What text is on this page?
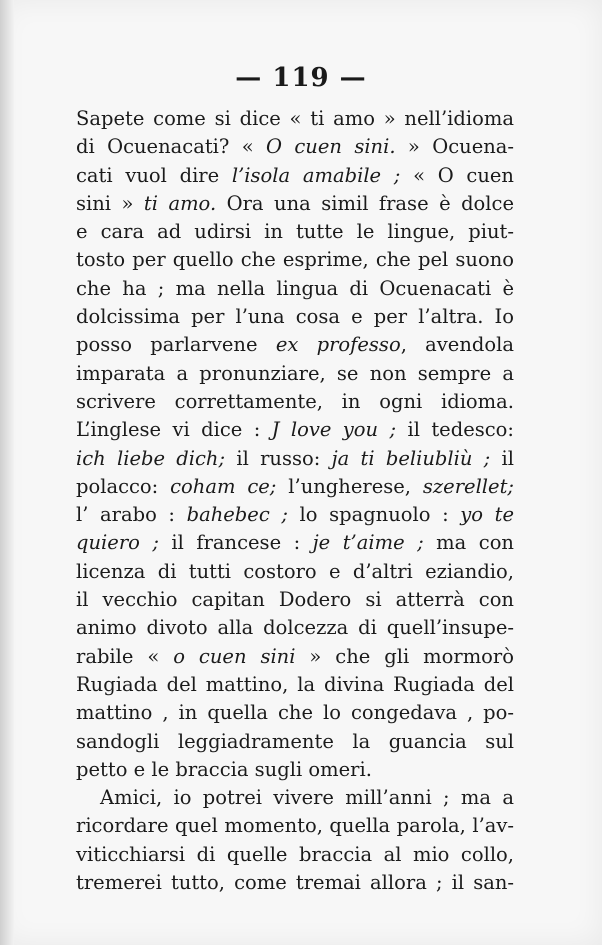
— 119 —
Sapete come si dice « ti amo » nell’idioma
di Ocuenacati? « O cuen sini. » Ocuena-
cati vuol dire l’isola amabile ; « O cuen
sini » ti amo. Ora una simil frase è dolce
e cara ad udirsi in tutte le lingue, piut-
tosto per quello che esprime, che pel suono
che ha ; ma nella lingua di Ocuenacati è
dolcissima per l’una cosa e per l’altra. Io
posso parlarvene ex professo, avendola
imparata a pronunziare, se non sempre a
scrivere correttamente, in ogni idioma.
L’inglese vi dice : J love you ; il tedesco:
ich liebe dich; il russo: ja ti beliubliù ; il
polacco: coham ce; l’ungherese, szerellet;
l’ arabo : bahebec ; lo spagnuolo : yo te
quiero ; il francese : je t’aime ; ma con
licenza di tutti costoro e d’altri eziandio,
il vecchio capitan Dodero si atterrà con
animo divoto alla dolcezza di quell’insupe-
rabile « o cuen sini » che gli mormorò
Rugiada del mattino, la divina Rugiada del
mattino , in quella che lo congedava , po-
sandogli leggiadramente la guancia sul
petto e le braccia sugli omeri.
Amici, io potrei vivere mill’anni ; ma a
ricordare quel momento, quella parola, l’av-
viticchiarsi di quelle braccia al mio collo,
tremerei tutto, come tremai allora ; il san-
